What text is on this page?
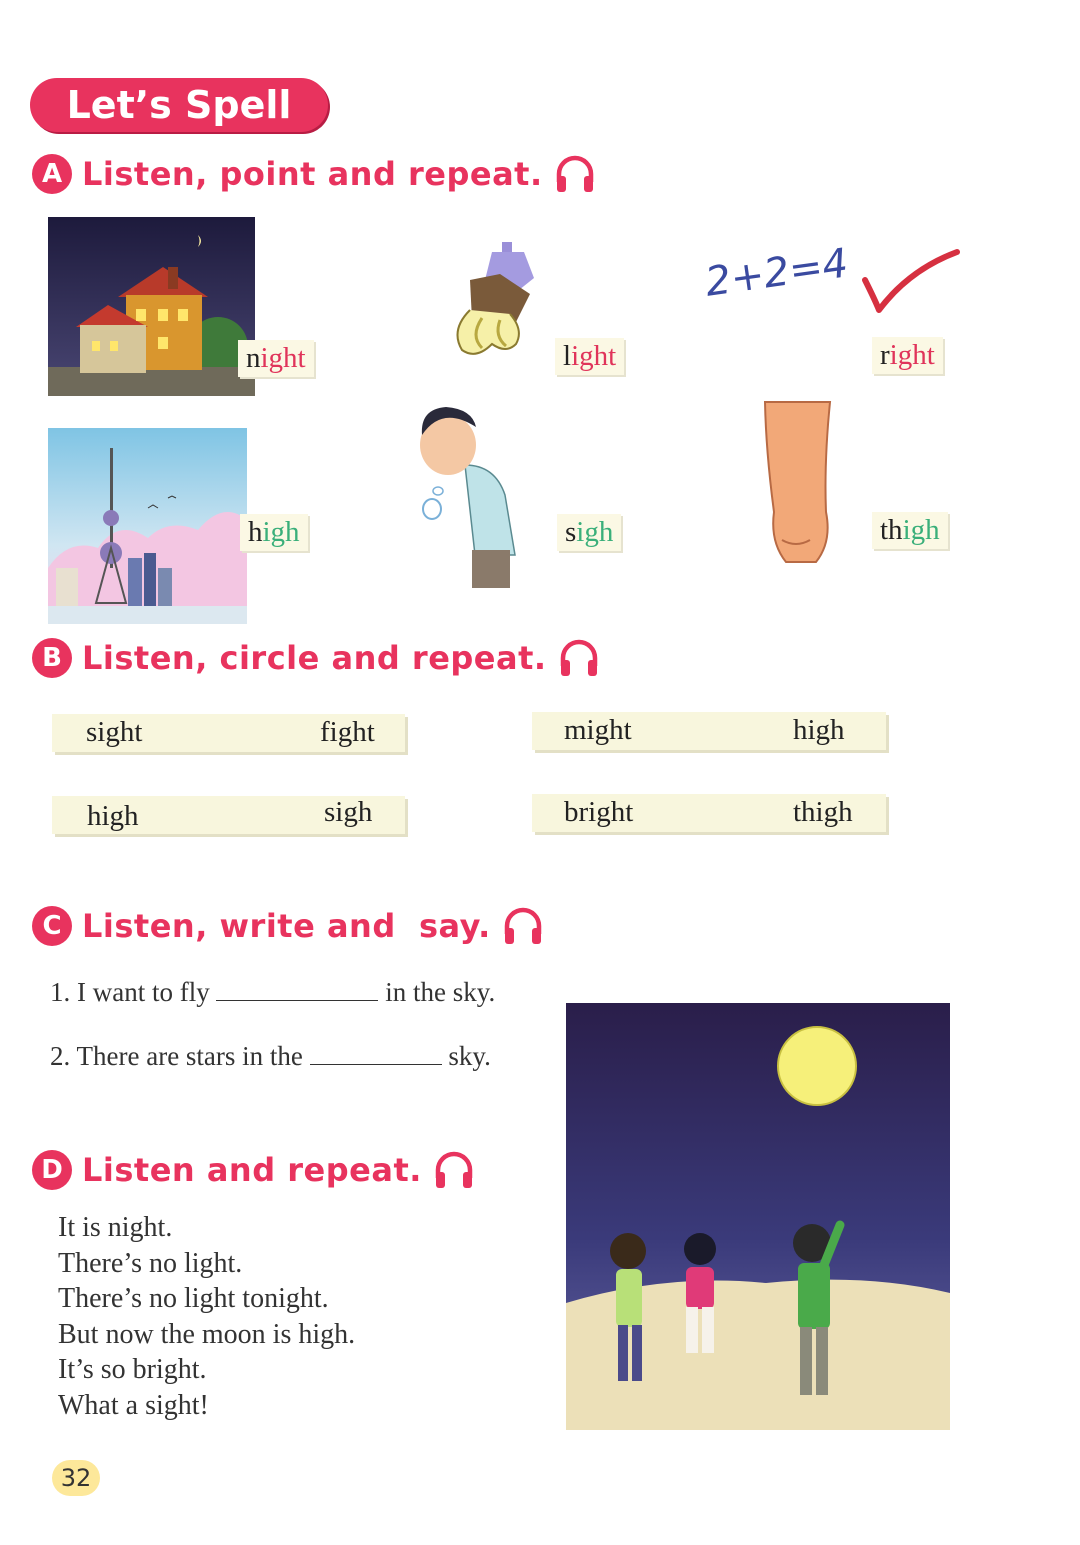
Let’s Spell
A Listen, point and repeat.
night	light
2+2=4
right
high	sigh	thigh
B Listen, circle and repeat.
sight	fight	might	high
high	sigh	bright	thigh
C Listen, write and  say.
1. I want to fly	in the sky.
2. There are stars in the	sky.
D Listen and repeat.
It is night.
There’s no light.
There’s no light tonight.
But now the moon is high.
It’s so bright.
What a sight!
32
